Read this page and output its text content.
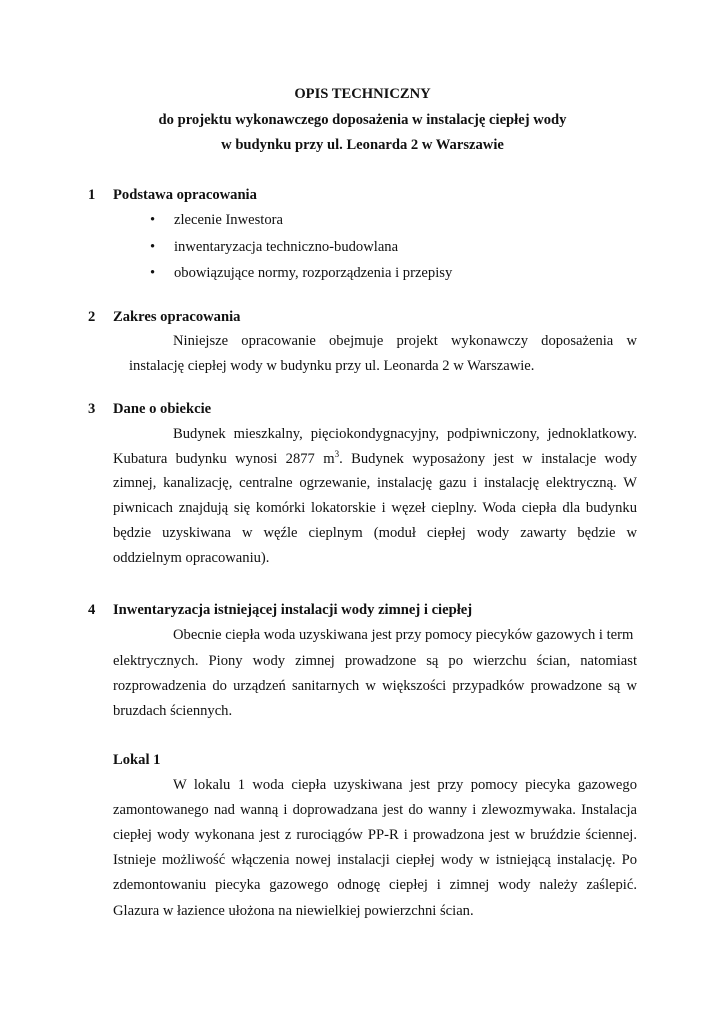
OPIS TECHNICZNY
do projektu wykonawczego doposażenia w instalację ciepłej wody
w budynku przy ul. Leonarda 2 w Warszawie
1 Podstawa opracowania
• zlecenie Inwestora
• inwentaryzacja techniczno-budowlana
• obowiązujące normy, rozporządzenia i przepisy
2 Zakres opracowania
Niniejsze opracowanie obejmuje projekt wykonawczy doposażenia w
instalację ciepłej wody w budynku przy ul. Leonarda 2 w Warszawie.
3 Dane o obiekcie
Budynek mieszkalny, pięciokondygnacyjny, podpiwniczony, jednoklatkowy.
Kubatura budynku wynosi 2877 $m^3$. Budynek wyposażony jest w instalacje wody
zimnej, kanalizację, centralne ogrzewanie, instalację gazu i instalację elektryczną. W
piwnicach znajdują się komórki lokatorskie i węzeł cieplny. Woda ciepła dla budynku
będzie uzyskiwana w węźle cieplnym (moduł ciepłej wody zawarty będzie w
oddzielnym opracowaniu).
4 Inwentaryzacja istniejącej instalacji wody zimnej i ciepłej
Obecnie ciepła woda uzyskiwana jest przy pomocy piecyków gazowych i term
elektrycznych. Piony wody zimnej prowadzone są po wierzchu ścian, natomiast
rozprowadzenia do urządzeń sanitarnych w większości przypadków prowadzone są w
bruzdach ściennych.
Lokal 1
W lokalu 1 woda ciepła uzyskiwana jest przy pomocy piecyka gazowego
zamontowanego nad wanną i doprowadzana jest do wanny i zlewozmywaka. Instalacja
ciepłej wody wykonana jest z rurociągów PP-R i prowadzona jest w bruździe ściennej.
Istnieje możliwość włączenia nowej instalacji ciepłej wody w istniejącą instalację. Po
zdemontowaniu piecyka gazowego odnogę ciepłej i zimnej wody należy zaślepić.
Glazura w łazience ułożona na niewielkiej powierzchni ścian.
